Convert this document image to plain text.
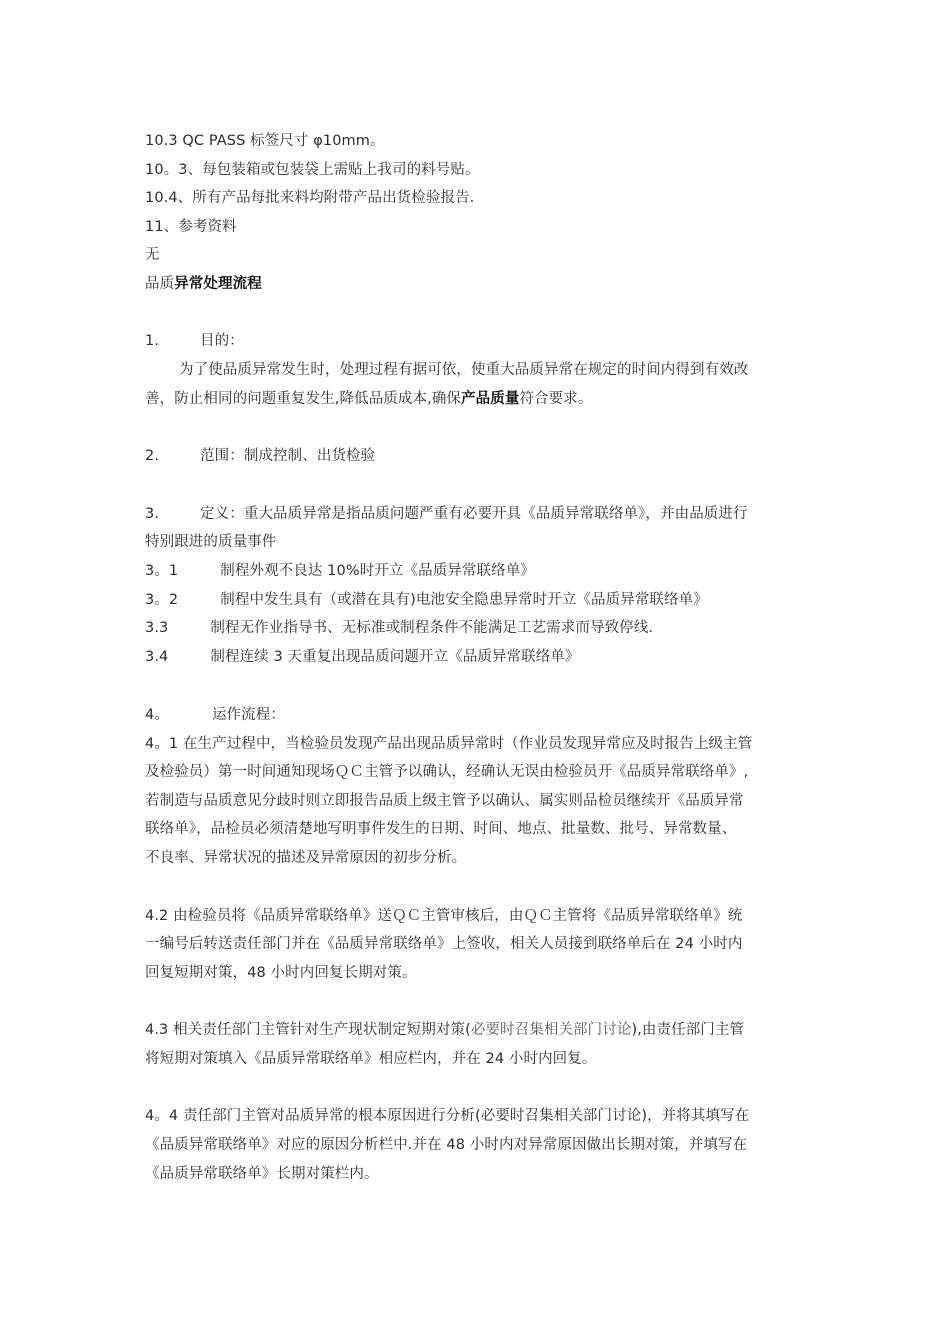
10.3 QC PASS 标签尺寸 φ10mm。
10。3、每包装箱或包装袋上需贴上我司的料号贴。
10.4、所有产品每批来料均附带产品出货检验报告.
11、参考资料
无
品质异常处理流程
1.	目的：
为了使品质异常发生时，处理过程有据可依，使重大品质异常在规定的时间内得到有效改
善，防止相同的问题重复发生,降低品质成本,确保产品质量符合要求。
2.	范围：制成控制、出货检验
3.	定义：重大品质异常是指品质问题严重有必要开具《品质异常联络单》，并由品质进行
特别跟进的质量事件
3。1	制程外观不良达 10%时开立《品质异常联络单》
3。2	制程中发生具有（或潜在具有)电池安全隐患异常时开立《品质异常联络单》
3.3	制程无作业指导书、无标准或制程条件不能满足工艺需求而导致停线.
3.4	制程连续 3 天重复出现品质问题开立《品质异常联络单》
4。	运作流程：
4。1 在生产过程中，当检验员发现产品出现品质异常时（作业员发现异常应及时报告上级主管
及检验员）第一时间通知现场ＱＣ主管予以确认，经确认无误由检验员开《品质异常联络单》,
若制造与品质意见分歧时则立即报告品质上级主管予以确认、属实则品检员继续开《品质异常
联络单》，品检员必须清楚地写明事件发生的日期、时间、地点、批量数、批号、异常数量、
不良率、异常状况的描述及异常原因的初步分析。
4.2 由检验员将《品质异常联络单》送ＱＣ主管审核后，由ＱＣ主管将《品质异常联络单》统
一编号后转送责任部门并在《品质异常联络单》上签收，相关人员接到联络单后在 24 小时内
回复短期对策，48 小时内回复长期对策。
4.3 相关责任部门主管针对生产现状制定短期对策(必要时召集相关部门讨论),由责任部门主管
将短期对策填入《品质异常联络单》相应栏内，并在 24 小时内回复。
4。4 责任部门主管对品质异常的根本原因进行分析(必要时召集相关部门讨论)，并将其填写在
《品质异常联络单》对应的原因分析栏中.并在 48 小时内对异常原因做出长期对策，并填写在
《品质异常联络单》长期对策栏内。
